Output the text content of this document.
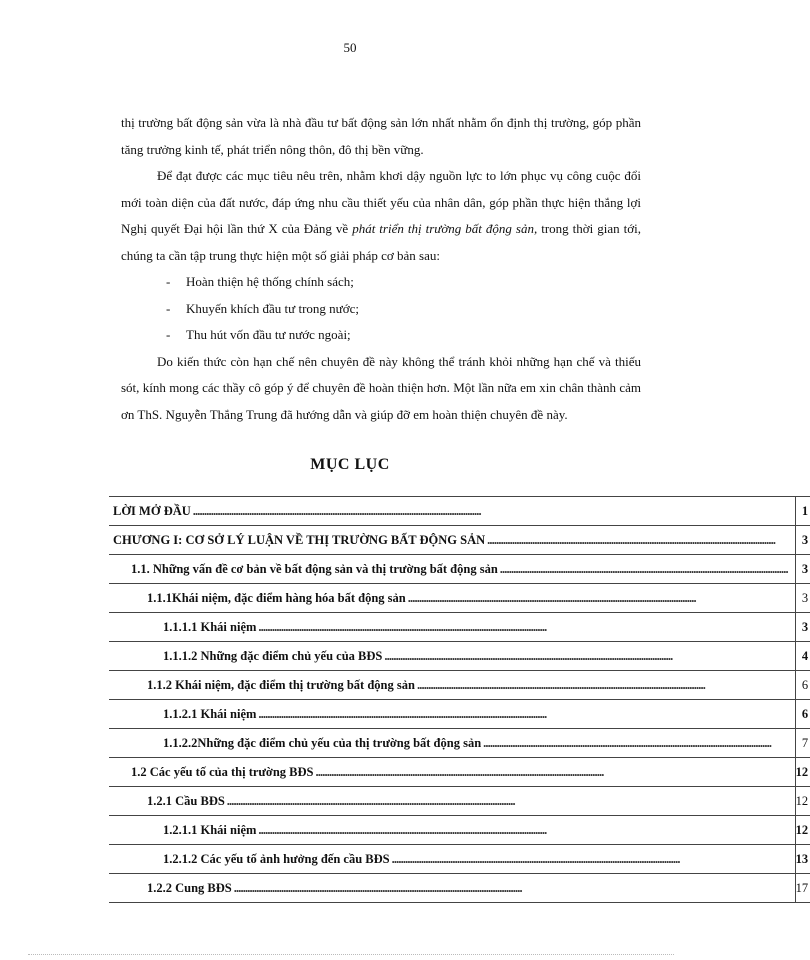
50

thị trường bất động sản vừa là nhà đầu tư bất động sản lớn nhất nhằm ổn định thị trường, góp phần tăng trưởng kinh tế, phát triển nông thôn, đô thị bền vững.

Để đạt được các mục tiêu nêu trên, nhằm khơi dậy nguồn lực to lớn phục vụ công cuộc đổi mới toàn diện của đất nước, đáp ứng nhu cầu thiết yếu của nhân dân, góp phần thực hiện thắng lợi Nghị quyết Đại hội lần thứ X của Đảng về phát triển thị trường bất động sản, trong thời gian tới, chúng ta cần tập trung thực hiện một số giải pháp cơ bản sau:

-	Hoàn thiện hệ thống chính sách;
-	Khuyến khích đầu tư trong nước;
-	Thu hút vốn đầu tư nước ngoài;

Do kiến thức còn hạn chế nên chuyên đề này không thể tránh khỏi những hạn chế và thiếu sót, kính mong các thầy cô góp ý để chuyên đề hoàn thiện hơn. Một lần nữa em xin chân thành cảm ơn ThS. Nguyễn Thắng Trung đã hướng dẫn và giúp đỡ em hoàn thiện chuyên đề này.

MỤC LỤC
LỜI MỞ ĐẦU
. . .	1

CHƯƠNG I: CƠ SỞ LÝ LUẬN VỀ THỊ TRƯỜNG BẤT ĐỘNG SẢN
. . .	3

1.1. Những vấn đề cơ bản về bất động sản và thị trường bất động sản
. . .	3

1.1.1Khái niệm, đặc điểm hàng hóa bất động sản
. . .	3

1.1.1.1 Khái niệm
. . .	3

1.1.1.2 Những đặc điểm chủ yếu của BĐS
. . .	4

1.1.2 Khái niệm, đặc điểm thị trường bất động sản
. . .	6

1.1.2.1 Khái niệm
. . .	6

1.1.2.2Những đặc điểm chủ yếu của thị trường bất động sản
. . .	7

1.2 Các yếu tố của thị trường BĐS
. . .	12

1.2.1 Cầu BĐS
. . .	12

1.2.1.1 Khái niệm
. . .	12

1.2.1.2 Các yếu tố ảnh hưởng đến cầu BĐS
. . .	13

1.2.2 Cung BĐS
. . .	17
